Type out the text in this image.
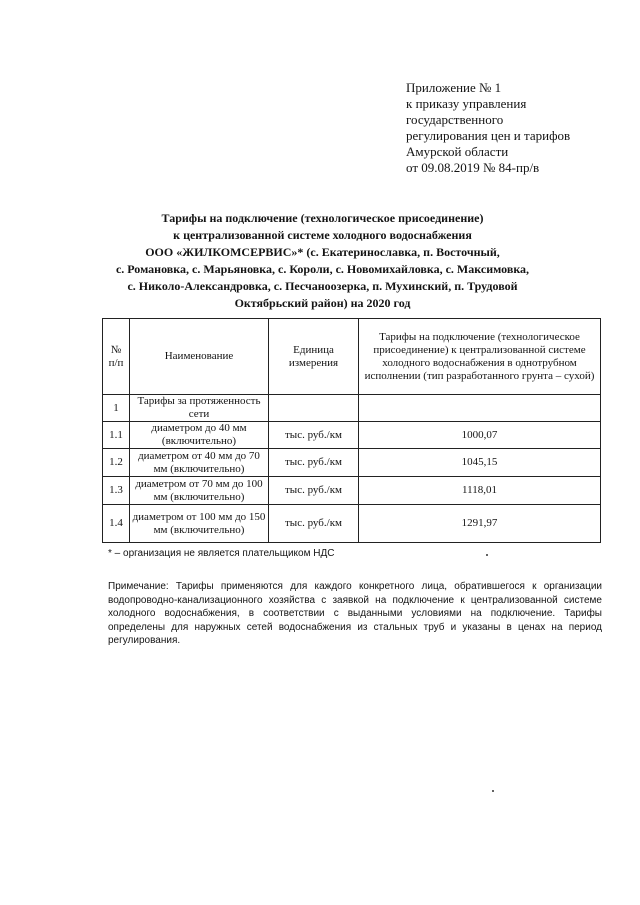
Приложение № 1
к приказу управления
государственного
регулирования цен и тарифов
Амурской области
от 09.08.2019 № 84-пр/в
Тарифы на подключение (технологическое присоединение)
к централизованной системе холодного водоснабжения
ООО «ЖИЛКОМСЕРВИС»* (с. Екатеринославка, п. Восточный,
с. Романовка, с. Марьяновка, с. Короли, с. Новомихайловка, с. Максимовка,
с. Николо-Александровка, с. Песчаноозерка, п. Мухинский, п. Трудовой
Октябрьский район) на 2020 год
№ п/п	Наименование	Единица измерения	Тарифы на подключение (технологическое присоединение) к централизованной системе холодного водоснабжения в однотрубном исполнении (тип разработанного грунта – сухой)
1	Тарифы за протяженность сети		
1.1	диаметром до 40 мм (включительно)	тыс. руб./км	1000,07
1.2	диаметром от 40 мм до 70 мм (включительно)	тыс. руб./км	1045,15
1.3	диаметром от 70 мм до 100 мм (включительно)	тыс. руб./км	1118,01
1.4	диаметром от 100 мм до 150 мм (включительно)	тыс. руб./км	1291,97
* – организация не является плательщиком НДС
Примечание: Тарифы применяются для каждого конкретного лица, обратившегося к организации водопроводно-канализационного хозяйства с заявкой на подключение к централизованной системе холодного водоснабжения, в соответствии с выданными условиями на подключение. Тарифы определены для наружных сетей водоснабжения из стальных труб и указаны в ценах на период регулирования.
